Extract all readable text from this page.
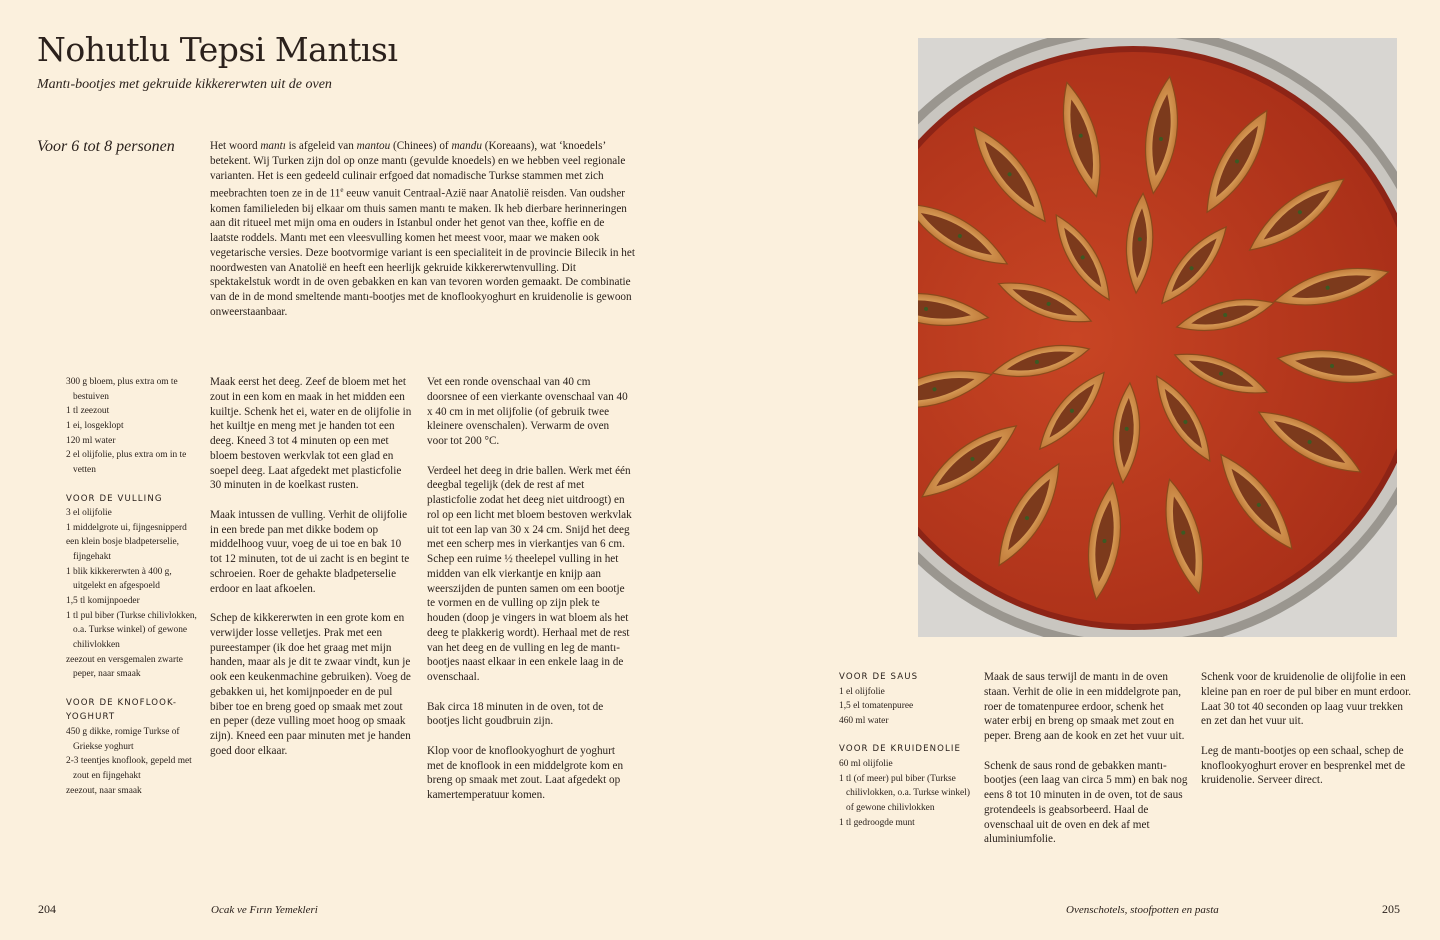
Nohutlu Tepsi Mantısı
Mantı-bootjes met gekruide kikkererwten uit de oven
Voor 6 tot 8 personen	Het woord mantı is afgeleid van mantou (Chinees) of mandu (Koreaans), wat ‘knoedels’ betekent. Wij Turken zijn dol op onze mantı (gevulde knoedels) en we hebben veel regionale varianten. Het is een gedeeld culinair erfgoed dat nomadische Turkse stammen met zich meebrachten toen ze in de 11e eeuw vanuit Centraal-Azië naar Anatolië reisden. Van oudsher komen familieleden bij elkaar om thuis samen mantı te maken. Ik heb dierbare herinneringen aan dit ritueel met mijn oma en ouders in Istanbul onder het genot van thee, koffie en de laatste roddels. Mantı met een vleesvulling komen het meest voor, maar we maken ook vegetarische versies. Deze bootvormige variant is een specialiteit in de provincie Bilecik in het noordwesten van Anatolië en heeft een heerlijk gekruide kikkererwtenvulling. Dit spektakelstuk wordt in de oven gebakken en kan van tevoren worden gemaakt. De combinatie van de in de mond smeltende mantı-bootjes met de knoflookyoghurt en kruidenolie is gewoon onweerstaanbaar.

300 g bloem, plus extra om te bestuiven
1 tl zeezout
1 ei, losgeklopt
120 ml water
2 el olijfolie, plus extra om in te vetten
VOOR DE VULLING
3 el olijfolie
1 middelgrote ui, fijngesnipperd
een klein bosje bladpeterselie, fijngehakt
1 blik kikkererwten à 400 g, uitgelekt en afgespoeld
1,5 tl komijnpoeder
1 tl pul biber (Turkse chilivlokken, o.a. Turkse winkel) of gewone chilivlokken
zeezout en versgemalen zwarte peper, naar smaak
VOOR DE KNOFLOOK-YOGHURT
450 g dikke, romige Turkse of Griekse yoghurt
2-3 teentjes knoflook, gepeld met zout en fijngehakt
zeezout, naar smaak

Maak eerst het deeg. Zeef de bloem met het zout in een kom en maak in het midden een kuiltje. Schenk het ei, water en de olijfolie in het kuiltje en meng met je handen tot een deeg. Kneed 3 tot 4 minuten op een met bloem bestoven werkvlak tot een glad en soepel deeg. Laat afgedekt met plasticfolie 30 minuten in de koelkast rusten.

Maak intussen de vulling. Verhit de olijfolie in een brede pan met dikke bodem op middelhoog vuur, voeg de ui toe en bak 10 tot 12 minuten, tot de ui zacht is en begint te schroeien. Roer de gehakte bladpeterselie erdoor en laat afkoelen.

Schep de kikkererwten in een grote kom en verwijder losse velletjes. Prak met een pureestamper (ik doe het graag met mijn handen, maar als je dit te zwaar vindt, kun je ook een keukenmachine gebruiken). Voeg de gebakken ui, het komijnpoeder en de pul biber toe en breng goed op smaak met zout en peper (deze vulling moet hoog op smaak zijn). Kneed een paar minuten met je handen goed door elkaar.

Vet een ronde ovenschaal van 40 cm doorsnee of een vierkante ovenschaal van 40 x 40 cm in met olijfolie (of gebruik twee kleinere ovenschalen). Verwarm de oven voor tot 200 °C.

Verdeel het deeg in drie ballen. Werk met één deegbal tegelijk (dek de rest af met plasticfolie zodat het deeg niet uitdroogt) en rol op een licht met bloem bestoven werkvlak uit tot een lap van 30 x 24 cm. Snijd het deeg met een scherp mes in vierkantjes van 6 cm. Schep een ruime ½ theelepel vulling in het midden van elk vierkantje en knijp aan weerszijden de punten samen om een bootje te vormen en de vulling op zijn plek te houden (doop je vingers in wat bloem als het deeg te plakkerig wordt). Herhaal met de rest van het deeg en de vulling en leg de mantı-bootjes naast elkaar in een enkele laag in de ovenschaal.

Bak circa 18 minuten in de oven, tot de bootjes licht goudbruin zijn.

Klop voor de knoflookyoghurt de yoghurt met de knoflook in een middelgrote kom en breng op smaak met zout. Laat afgedekt op kamertemperatuur komen.

VOOR DE SAUS
1 el olijfolie
1,5 el tomatenpuree
460 ml water
VOOR DE KRUIDENOLIE
60 ml olijfolie
1 tl (of meer) pul biber (Turkse chilivlokken, o.a. Turkse winkel) of gewone chilivlokken
1 tl gedroogde munt

Maak de saus terwijl de mantı in de oven staan. Verhit de olie in een middelgrote pan, roer de tomatenpuree erdoor, schenk het water erbij en breng op smaak met zout en peper. Breng aan de kook en zet het vuur uit.

Schenk de saus rond de gebakken mantı-bootjes (een laag van circa 5 mm) en bak nog eens 8 tot 10 minuten in de oven, tot de saus grotendeels is geabsorbeerd. Haal de ovenschaal uit de oven en dek af met aluminiumfolie.

Schenk voor de kruidenolie de olijfolie in een kleine pan en roer de pul biber en munt erdoor. Laat 30 tot 40 seconden op laag vuur trekken en zet dan het vuur uit.

Leg de mantı-bootjes op een schaal, schep de knoflookyoghurt erover en besprenkel met de kruidenolie. Serveer direct.

204	Ocak ve Fırın Yemekleri	Ovenschotels, stoofpotten en pasta	205
